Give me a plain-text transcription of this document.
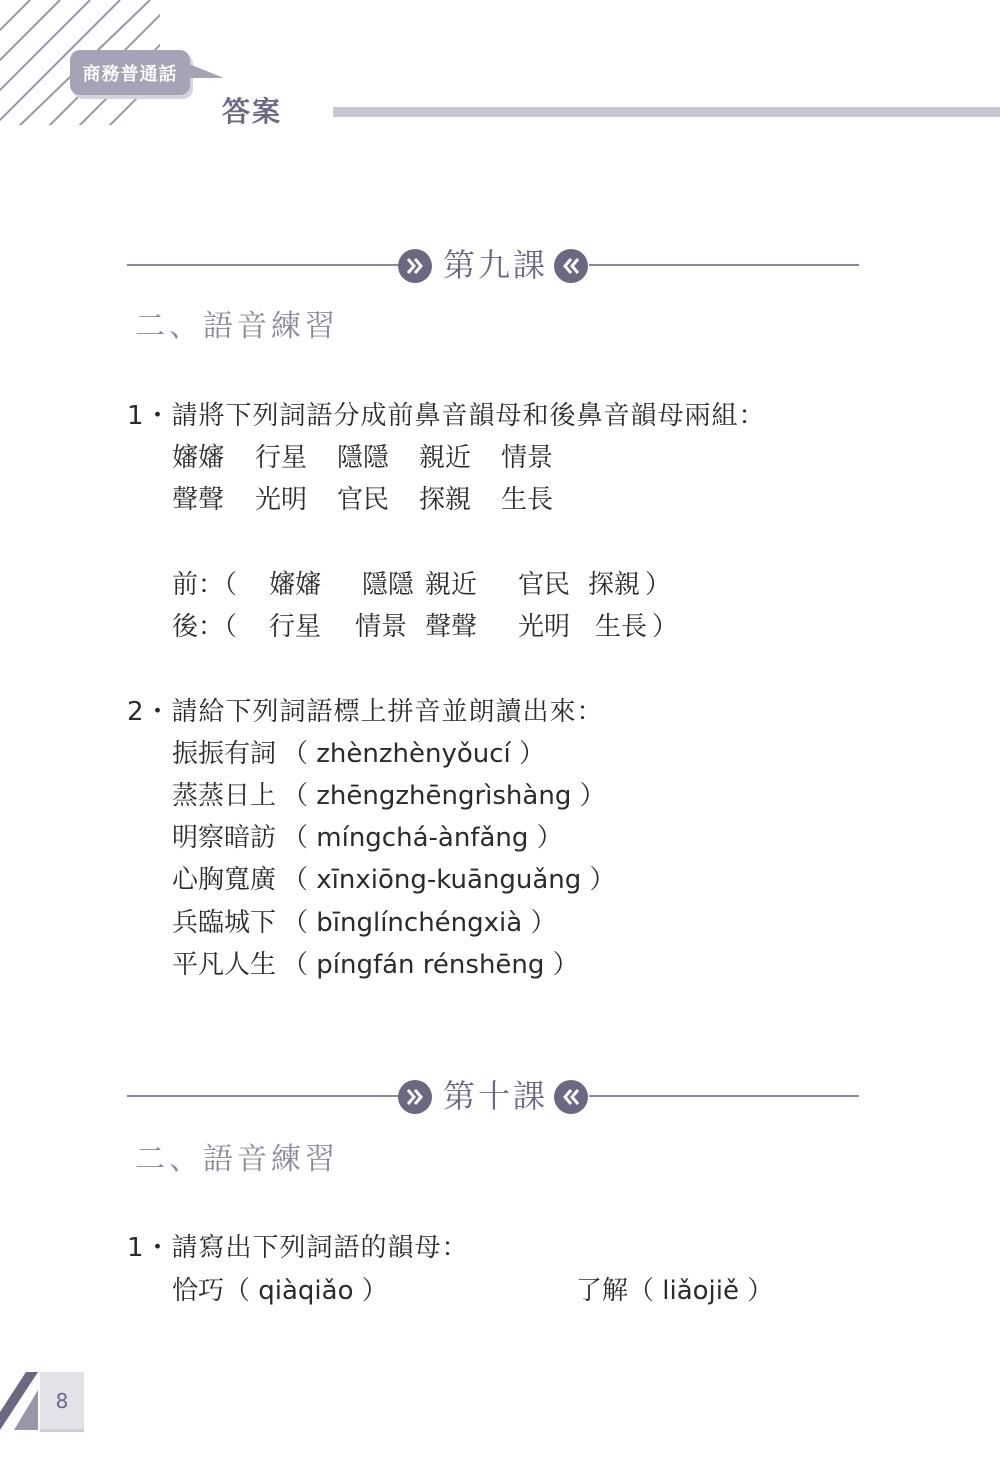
商務普通話
答案
第九課
二、語音練習
1・請將下列詞語分成前鼻音韻母和後鼻音韻母兩組：
嬸嬸 行星 隱隱 親近 情景
聲聲 光明 官民 探親 生長
前：（ 嬸嬸 隱隱 親近 官民 探親 ）
後：（ 行星 情景 聲聲 光明 生長 ）
2・請給下列詞語標上拼音並朗讀出來：
振振有詞 （ zhènzhènyǒucí ）
蒸蒸日上 （ zhēngzhēngrìshàng ）
明察暗訪 （ míngchá-ànfǎng ）
心胸寬廣 （ xīnxiōng-kuānguǎng ）
兵臨城下 （ bīnglínchéngxià ）
平凡人生 （ píngfán rénshēng ）
第十課
二、語音練習
1・請寫出下列詞語的韻母：
恰巧（ qiàqiǎo ）	了解（ liǎojiě ）
8
